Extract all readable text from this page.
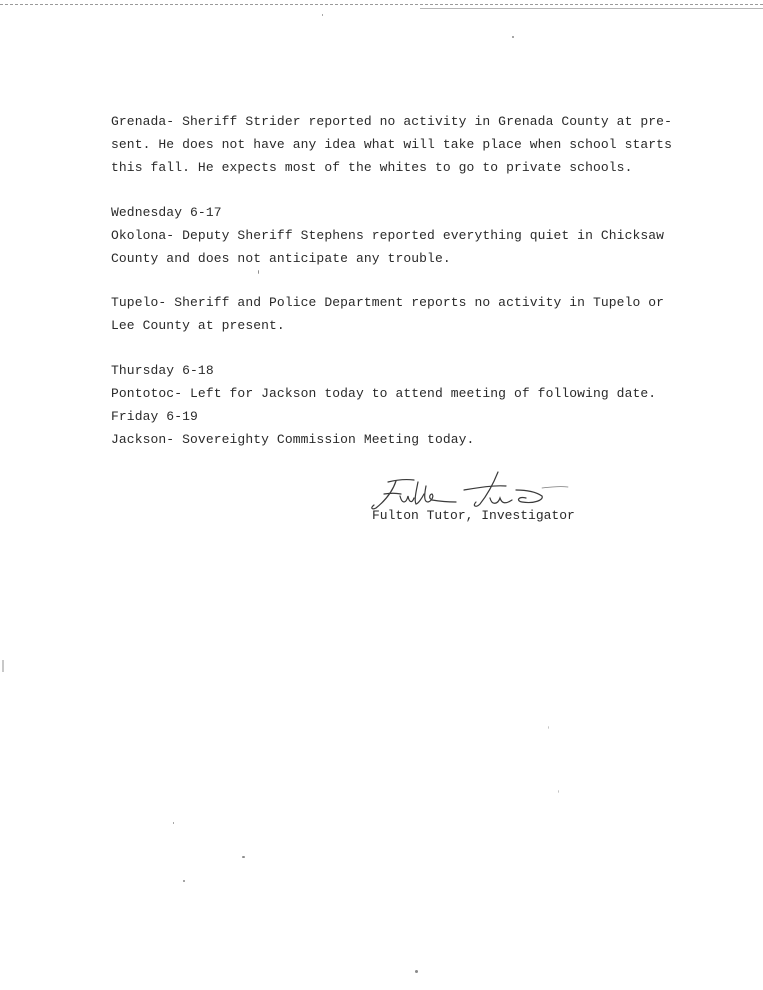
Grenada- Sheriff Strider reported no activity in Grenada County at pre-
sent. He does not have any idea what will take place when school starts
this fall. He expects most of the whites to go to private schools.
Wednesday 6-17
Okolona- Deputy Sheriff Stephens reported everything quiet in Chicksaw
County and does not anticipate any trouble.
Tupelo- Sheriff and Police Department reports no activity in Tupelo or
Lee County at present.
Thursday 6-18
Pontotoc- Left for Jackson today to attend meeting of following date.
Friday 6-19
Jackson- Sovereighty Commission Meeting today.
Fulton Tutor, Investigator
